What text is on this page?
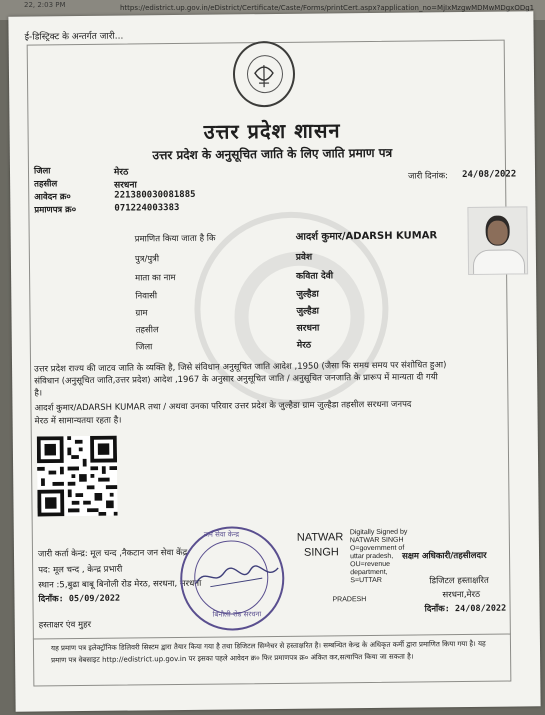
22, 2:03 PM	https://edistrict.up.gov.in/eDistrict/Certificate/Caste/Forms/printCert.aspx?application_no=MjIxMzgwMDMwMDgxODg1
ई-डिस्ट्रिक्ट के अन्तर्गत जारी...
उत्तर प्रदेश शासन
उत्तर प्रदेश के अनुसूचित जाति के लिए जाति प्रमाण पत्र
जिला	मेरठ
तहसील	सरधना
आवेदन क्र०	221380030081885
प्रमाणपत्र क्र०	071224003383
जारी दिनांक: 24/08/2022
प्रमाणित किया जाता है कि	आदर्श कुमार/ADARSH KUMAR
पुत्र/पुत्री	प्रवेश
माता का नाम	कविता देवी
निवासी	जुल्हैडा
ग्राम	जुल्हैडा
तहसील	सरधना
जिला	मेरठ
उत्तर प्रदेश राज्य की जाटव जाति के व्यक्ति है, जिसे संविधान अनुसूचित जाति आदेश ,1950 (जैसा कि समय समय पर संशोधित हुआ)
संविधान (अनुसूचित जाति,उत्तर प्रदेश) आदेश ,1967 के अनुसार अनुसूचित जाति / अनुसूचित जनजाति के प्रारूप में मान्यता दी गयी
है।
आदर्श कुमार/ADARSH KUMAR तथा / अथवा उनका परिवार उत्तर प्रदेश के जुल्हैडा ग्राम जुल्हैडा तहसील सरधना जनपद
मेरठ में सामान्यतया रहता है।
जारी कर्ता केन्द्र: मूल चन्द ,नैकटान जन सेवा केंद्र
पद: मूल चन्द , केन्द्र प्रभारी
स्थान :5,बुढा बाबू बिनोली रोड मेरठ, सरधना, सरधना
दिनाँक: 05/09/2022
जन सेवा केन्द्र
बिनौली रोड सरधना
NATWAR
SINGH
Digitally Signed by
NATWAR SINGH
O=government of
uttar pradesh,
OU=revenue
department,
S=UTTAR
PRADESH
सक्षम अधिकारी/तहसीलदार
डिजिटल हस्ताक्षरित
सरधना,मेरठ
दिनाँक: 24/08/2022
हस्ताक्षर एंव मुहर
यह प्रमाण पत्र इलेक्ट्रॉनिक डिलिवरी सिस्टम द्वारा तैयार किया गया है तथा डिजिटल सिग्नेचर से हस्ताक्षरित है। सम्बन्धित केन्द्र के अधिकृत कर्मी द्वारा प्रमाणित किया गया है। यह
प्रमाण पत्र वेबसाइट http://edistrict.up.gov.in पर इसका पहले आवेदन क्र० फिर प्रमाणपत्र क्र० अंकित कर,सत्यापित किया जा सकता है।
